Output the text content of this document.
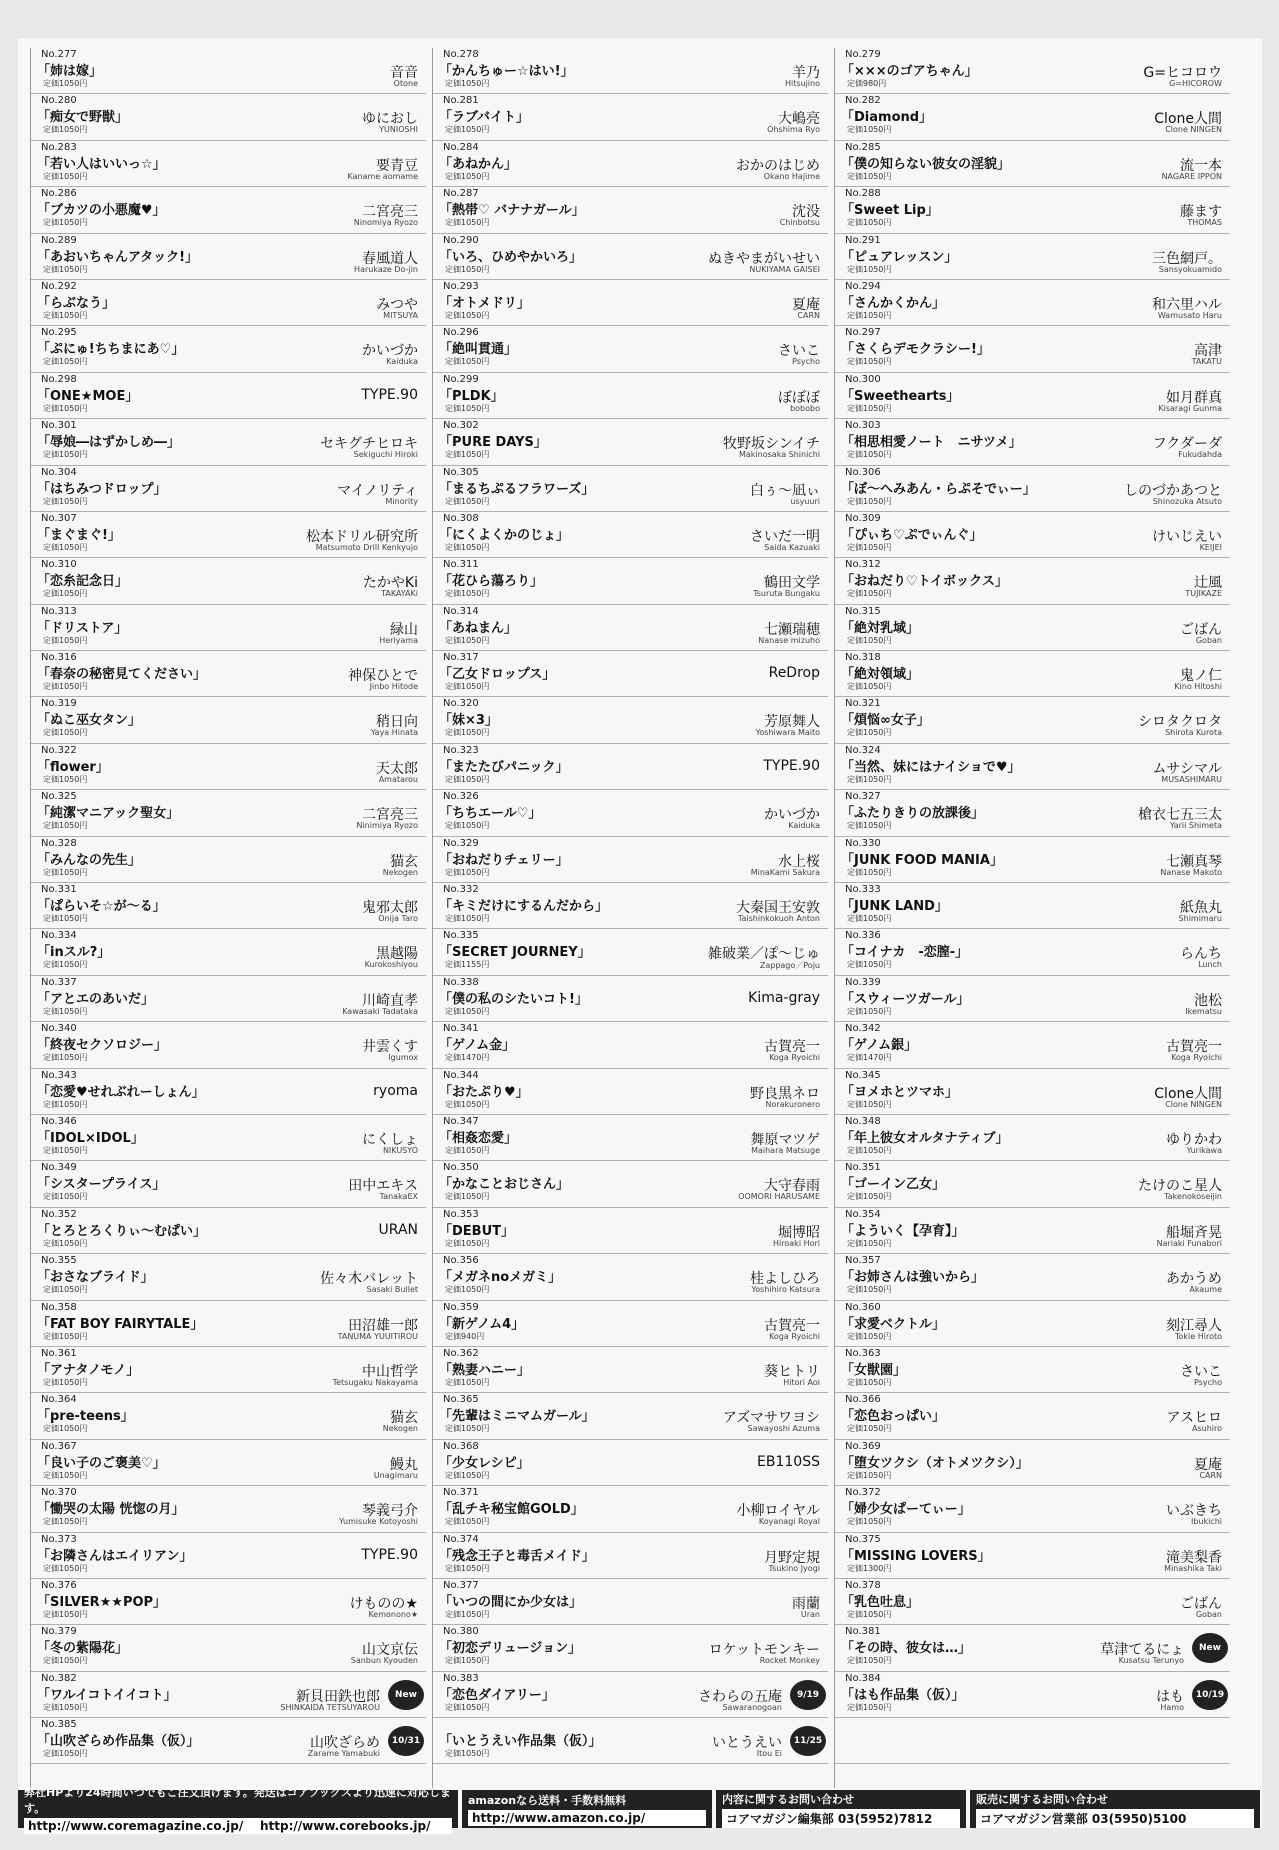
No.277
「姉は嫁」
定価1050円
音音
Otone
No.280
「痴女で野獣」
定価1050円
ゆにおし
YUNIOSHI
No.283
「若い人はいいっ☆」
定価1050円
要青豆
Kaname aomame
No.286
「ブカツの小悪魔♥」
定価1050円
二宮亮三
Ninomiya Ryozo
No.289
「あおいちゃんアタック!」
定価1050円
春風道人
Harukaze Do-jin
No.292
「らぶなう」
定価1050円
みつや
MITSUYA
No.295
「ぷにゅ!ちちまにあ♡」
定価1050円
かいづか
Kaiduka
No.298
「ONE★MOE」
定価1050円
TYPE.90
No.301
「辱娘―はずかしめ―」
定価1050円
セキグチヒロキ
Sekiguchi Hiroki
No.304
「はちみつドロップ」
定価1050円
マイノリティ
Minority
No.307
「まぐまぐ!」
定価1050円
松本ドリル研究所
Matsumoto Drill Kenkyujo
No.310
「恋糸記念日」
定価1050円
たかやKi
TAKAYAKi
No.313
「ドリストア」
定価1050円
緑山
Heriyama
No.316
「春奈の秘密見てください」
定価1050円
神保ひとで
Jinbo Hitode
No.319
「ぬこ巫女タン」
定価1050円
稍日向
Yaya Hinata
No.322
「flower」
定価1050円
天太郎
Amatarou
No.325
「純潔マニアック聖女」
定価1050円
二宮亮三
Ninimiya Ryozo
No.328
「みんなの先生」
定価1050円
猫玄
Nekogen
No.331
「ぱらいそ☆が～る」
定価1050円
鬼邪太郎
Onija Taro
No.334
「inスル?」
定価1050円
黒越陽
Kurokoshiyou
No.337
「アとエのあいだ」
定価1050円
川崎直孝
Kawasaki Tadataka
No.340
「終夜セクソロジー」
定価1050円
井雲くす
Igumox
No.343
「恋愛♥せれぶれーしょん」
定価1050円
ryoma
No.346
「IDOL×IDOL」
定価1050円
にくしょ
NIKUSYO
No.349
「シスタープライス」
定価1050円
田中エキス
TanakaEX
No.352
「とろとろくりぃ～むぱい」
定価1050円
URAN
No.355
「おさなブライド」
定価1050円
佐々木バレット
Sasaki Bullet
No.358
「FAT BOY FAIRYTALE」
定価1050円
田沼雄一郎
TANUMA YUUITIROU
No.361
「アナタノモノ」
定価1050円
中山哲学
Tetsugaku Nakayama
No.364
「pre-teens」
定価1050円
猫玄
Nekogen
No.367
「良い子のご褒美♡」
定価1050円
鰻丸
Unagimaru
No.370
「慟哭の太陽 恍惚の月」
定価1050円
琴義弓介
Yumisuke Kotoyoshi
No.373
「お隣さんはエイリアン」
定価1050円
TYPE.90
No.376
「SILVER★★POP」
定価1050円
けものの★
Kemonono★
No.379
「冬の紫陽花」
定価1050円
山文京伝
Sanbun Kyouden
No.382
「ワルイコトイイコト」
定価1050円
新貝田鉄也郎
SHINKAIDA TETSUYAROU
New
No.385
「山吹ざらめ作品集（仮）」
定価1050円
山吹ざらめ
Zarame Yamabuki
10/31
No.278
「かんちゅー☆はい!」
定価1050円
羊乃
Hitsujino
No.281
「ラブバイト」
定価1050円
大嶋亮
Ohshima Ryo
No.284
「あねかん」
定価1050円
おかのはじめ
Okano Hajime
No.287
「熱帯♡ バナナガール」
定価1050円
沈没
Chinbotsu
No.290
「いろ、ひめやかいろ」
定価1050円
ぬきやまがいせい
NUKIYAMA GAISEI
No.293
「オトメドリ」
定価1050円
夏庵
CARN
No.296
「絶叫貫通」
定価1050円
さいこ
Psycho
No.299
「PLDK」
定価1050円
ぼぼぼ
bobobo
No.302
「PURE DAYS」
定価1050円
牧野坂シンイチ
Makinosaka Shinichi
No.305
「まるちぷるフラワーズ」
定価1050円
白ぅ～凪ぃ
usyuuri
No.308
「にくよくかのじょ」
定価1050円
さいだ一明
Saida Kazuaki
No.311
「花ひら蕩ろり」
定価1050円
鶴田文学
Tsuruta Bungaku
No.314
「あねまん」
定価1050円
七瀬瑞穂
Nanase mizuho
No.317
「乙女ドロップス」
定価1050円
ReDrop
No.320
「妹×3」
定価1050円
芳原舞人
Yoshiwara Maito
No.323
「またたびパニック」
定価1050円
TYPE.90
No.326
「ちちエール♡」
定価1050円
かいづか
Kaiduka
No.329
「おねだりチェリー」
定価1050円
水上桜
MinaKami Sakura
No.332
「キミだけにするんだから」
定価1050円
大秦国王安敦
Taishinkokuoh Anton
No.335
「SECRET JOURNEY」
定価1155円
雑破業／ぽ～じゅ
Zappago／Poju
No.338
「僕の私のシたいコト!」
定価1050円
Kima-gray
No.341
「ゲノム金」
定価1470円
古賀亮一
Koga Ryoichi
No.344
「おたぷり♥」
定価1050円
野良黒ネロ
Norakuronero
No.347
「相姦恋愛」
定価1050円
舞原マツゲ
Maihara Matsuge
No.350
「かなことおじさん」
定価1050円
大守春雨
OOMORI HARUSAME
No.353
「DEBUT」
定価1050円
堀博昭
Hiroaki Hori
No.356
「メガネnoメガミ」
定価1050円
桂よしひろ
Yoshihiro Katsura
No.359
「新ゲノム4」
定価940円
古賀亮一
Koga Ryoichi
No.362
「熟妻ハニー」
定価1050円
葵ヒトリ
Hitori Aoi
No.365
「先輩はミニマムガール」
定価1050円
アズマサワヨシ
Sawayoshi Azuma
No.368
「少女レシピ」
定価1050円
EB110SS
No.371
「乱チキ秘宝館GOLD」
定価1050円
小柳ロイヤル
Koyanagi Royal
No.374
「残念王子と毒舌メイド」
定価1050円
月野定規
Tsukino Jyogi
No.377
「いつの間にか少女は」
定価1050円
雨蘭
Uran
No.380
「初恋デリュージョン」
定価1050円
ロケットモンキー
Rocket Monkey
No.383
「恋色ダイアリー」
定価1050円
さわらの五庵
Sawaranogoan
9/19
「いとうえい作品集（仮）」
定価1050円
いとうえい
Itou Ei
11/25
No.279
「×××のゴアちゃん」
定価980円
G=ヒコロウ
G=HICOROW
No.282
「Diamond」
定価1050円
Clone人間
Clone NINGEN
No.285
「僕の知らない彼女の淫貌」
定価1050円
流一本
NAGARE IPPON
No.288
「Sweet Lip」
定価1050円
藤ます
THOMAS
No.291
「ピュアレッスン」
定価1050円
三色網戸。
Sansyokuamido
No.294
「さんかくかん」
定価1050円
和六里ハル
Wamusato Haru
No.297
「さくらデモクラシー!」
定価1050円
高津
TAKATU
No.300
「Sweethearts」
定価1050円
如月群真
Kisaragi Gunma
No.303
「相思相愛ノート　ニサツメ」
定価1050円
フクダーダ
Fukudahda
No.306
「ぼ～へみあん・らぷそでぃー」
定価1050円
しのづかあつと
Shinozuka Atsuto
No.309
「ぴぃち♡ぷでぃんぐ」
定価1050円
けいじえい
KEIJEI
No.312
「おねだり♡トイボックス」
定価1050円
辻風
TUJIKAZE
No.315
「絶対乳域」
定価1050円
ごばん
Goban
No.318
「絶対領域」
定価1050円
鬼ノ仁
Kino Hitoshi
No.321
「煩悩∞女子」
定価1050円
シロタクロタ
Shirota Kurota
No.324
「当然、妹にはナイショで♥」
定価1050円
ムサシマル
MUSASHIMARU
No.327
「ふたりきりの放課後」
定価1050円
槍衣七五三太
Yarii Shimeta
No.330
「JUNK FOOD MANIA」
定価1050円
七瀬真琴
Nanase Makoto
No.333
「JUNK LAND」
定価1050円
紙魚丸
Shimimaru
No.336
「コイナカ　-恋膣-」
定価1050円
らんち
Lunch
No.339
「スウィーツガール」
定価1050円
池松
Ikematsu
No.342
「ゲノム銀」
定価1470円
古賀亮一
Koga Ryoichi
No.345
「ヨメホとツマホ」
定価1050円
Clone人間
Clone NINGEN
No.348
「年上彼女オルタナティブ」
定価1050円
ゆりかわ
Yurikawa
No.351
「ゴーイン乙女」
定価1050円
たけのこ星人
Takenokoseijin
No.354
「よういく【孕育】」
定価1050円
船堀斉晃
Nariaki Funabori
No.357
「お姉さんは強いから」
定価1050円
あかうめ
Akaume
No.360
「求愛ベクトル」
定価1050円
刻江尋人
Tokie Hiroto
No.363
「女獣園」
定価1050円
さいこ
Psycho
No.366
「恋色おっぱい」
定価1050円
アスヒロ
Asuhiro
No.369
「堕女ツクシ（オトメツクシ）」
定価1050円
夏庵
CARN
No.372
「婦少女ぱーてぃー」
定価1050円
いぶきち
Ibukichi
No.375
「MISSING LOVERS」
定価1300円
滝美梨香
Minashika Taki
No.378
「乳色吐息」
定価1050円
ごばん
Goban
No.381
「その時、彼女は…」
定価1050円
草津てるにょ
Kusatsu Terunyo
New
No.384
「はも作品集（仮）」
定価1050円
はも
Hamo
10/19
弊社HPより24時間いつでもご注文頂けます。発送はコアブックスより迅速に対応します。
http://www.coremagazine.co.jp/ http://www.corebooks.jp/
amazonなら送料・手数料無料
http://www.amazon.co.jp/
内容に関するお問い合わせ
コアマガジン編集部 03(5952)7812
販売に関するお問い合わせ
コアマガジン営業部 03(5950)5100
